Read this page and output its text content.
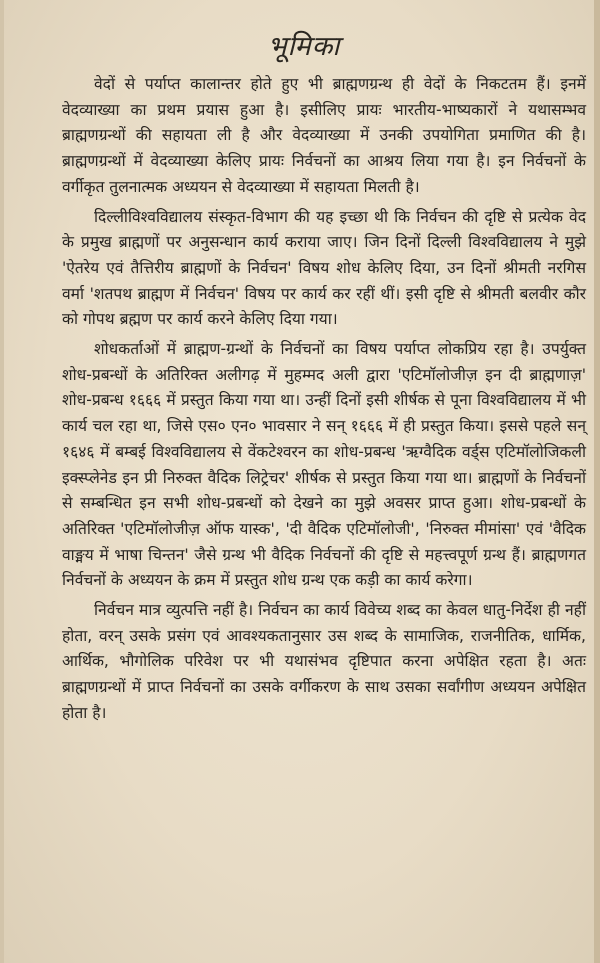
भूमिका

वेदों से पर्याप्त कालान्तर होते हुए भी ब्राह्मणग्रन्थ ही वेदों के निकटतम हैं। इनमें वेदव्याख्या का प्रथम प्रयास हुआ है। इसीलिए प्रायः भारतीय-भाष्यकारों ने यथासम्भव ब्राह्मणग्रन्थों की सहायता ली है और वेदव्याख्या में उनकी उपयोगिता प्रमाणित की है। ब्राह्मणग्रन्थों में वेदव्याख्या केलिए प्रायः निर्वचनों का आश्रय लिया गया है। इन निर्वचनों के वर्गीकृत तुलनात्मक अध्ययन से वेदव्याख्या में सहायता मिलती है।

दिल्लीविश्वविद्यालय संस्कृत-विभाग की यह इच्छा थी कि निर्वचन की दृष्टि से प्रत्येक वेद के प्रमुख ब्राह्मणों पर अनुसन्धान कार्य कराया जाए। जिन दिनों दिल्ली विश्वविद्यालय ने मुझे 'ऐतरेय एवं तैत्तिरीय ब्राह्मणों के निर्वचन' विषय शोध केलिए दिया, उन दिनों श्रीमती नरगिस वर्मा 'शतपथ ब्राह्मण में निर्वचन' विषय पर कार्य कर रहीं थीं। इसी दृष्टि से श्रीमती बलवीर कौर को गोपथ ब्रह्मण पर कार्य करने केलिए दिया गया।

शोधकर्ताओं में ब्राह्मण-ग्रन्थों के निर्वचनों का विषय पर्याप्त लोकप्रिय रहा है। उपर्युक्त शोध-प्रबन्धों के अतिरिक्त अलीगढ़ में मुहम्मद अली द्वारा 'एटिमॉलोजीज़ इन दी ब्राह्मणाज़' शोध-प्रबन्ध १६६६ में प्रस्तुत किया गया था। उन्हीं दिनों इसी शीर्षक से पूना विश्वविद्यालय में भी कार्य चल रहा था, जिसे एस० एन० भावसार ने सन् १६६६ में ही प्रस्तुत किया। इससे पहले सन् १६४६ में बम्बई विश्वविद्यालय से वेंकटेश्वरन का शोध-प्रबन्ध 'ऋग्वैदिक वर्ड्स एटिमॉलोजिकली इक्स्प्लेनेड इन प्री निरुक्त वैदिक लिट्रेचर' शीर्षक से प्रस्तुत किया गया था। ब्राह्मणों के निर्वचनों से सम्बन्धित इन सभी शोध-प्रबन्धों को देखने का मुझे अवसर प्राप्त हुआ। शोध-प्रबन्धों के अतिरिक्त 'एटिमॉलोजीज़ ऑफ यास्क', 'दी वैदिक एटिमॉलोजी', 'निरुक्त मीमांसा' एवं 'वैदिक वाङ्मय में भाषा चिन्तन' जैसे ग्रन्थ भी वैदिक निर्वचनों की दृष्टि से महत्त्वपूर्ण ग्रन्थ हैं। ब्राह्मणगत निर्वचनों के अध्ययन के क्रम में प्रस्तुत शोध ग्रन्थ एक कड़ी का कार्य करेगा।

निर्वचन मात्र व्युत्पत्ति नहीं है। निर्वचन का कार्य विवेच्य शब्द का केवल धातु-निर्देश ही नहीं होता, वरन् उसके प्रसंग एवं आवश्यकतानुसार उस शब्द के सामाजिक, राजनीतिक, धार्मिक, आर्थिक, भौगोलिक परिवेश पर भी यथासंभव दृष्टिपात करना अपेक्षित रहता है। अतः ब्राह्मणग्रन्थों में प्राप्त निर्वचनों का उसके वर्गीकरण के साथ उसका सर्वांगीण अध्ययन अपेक्षित होता है।
